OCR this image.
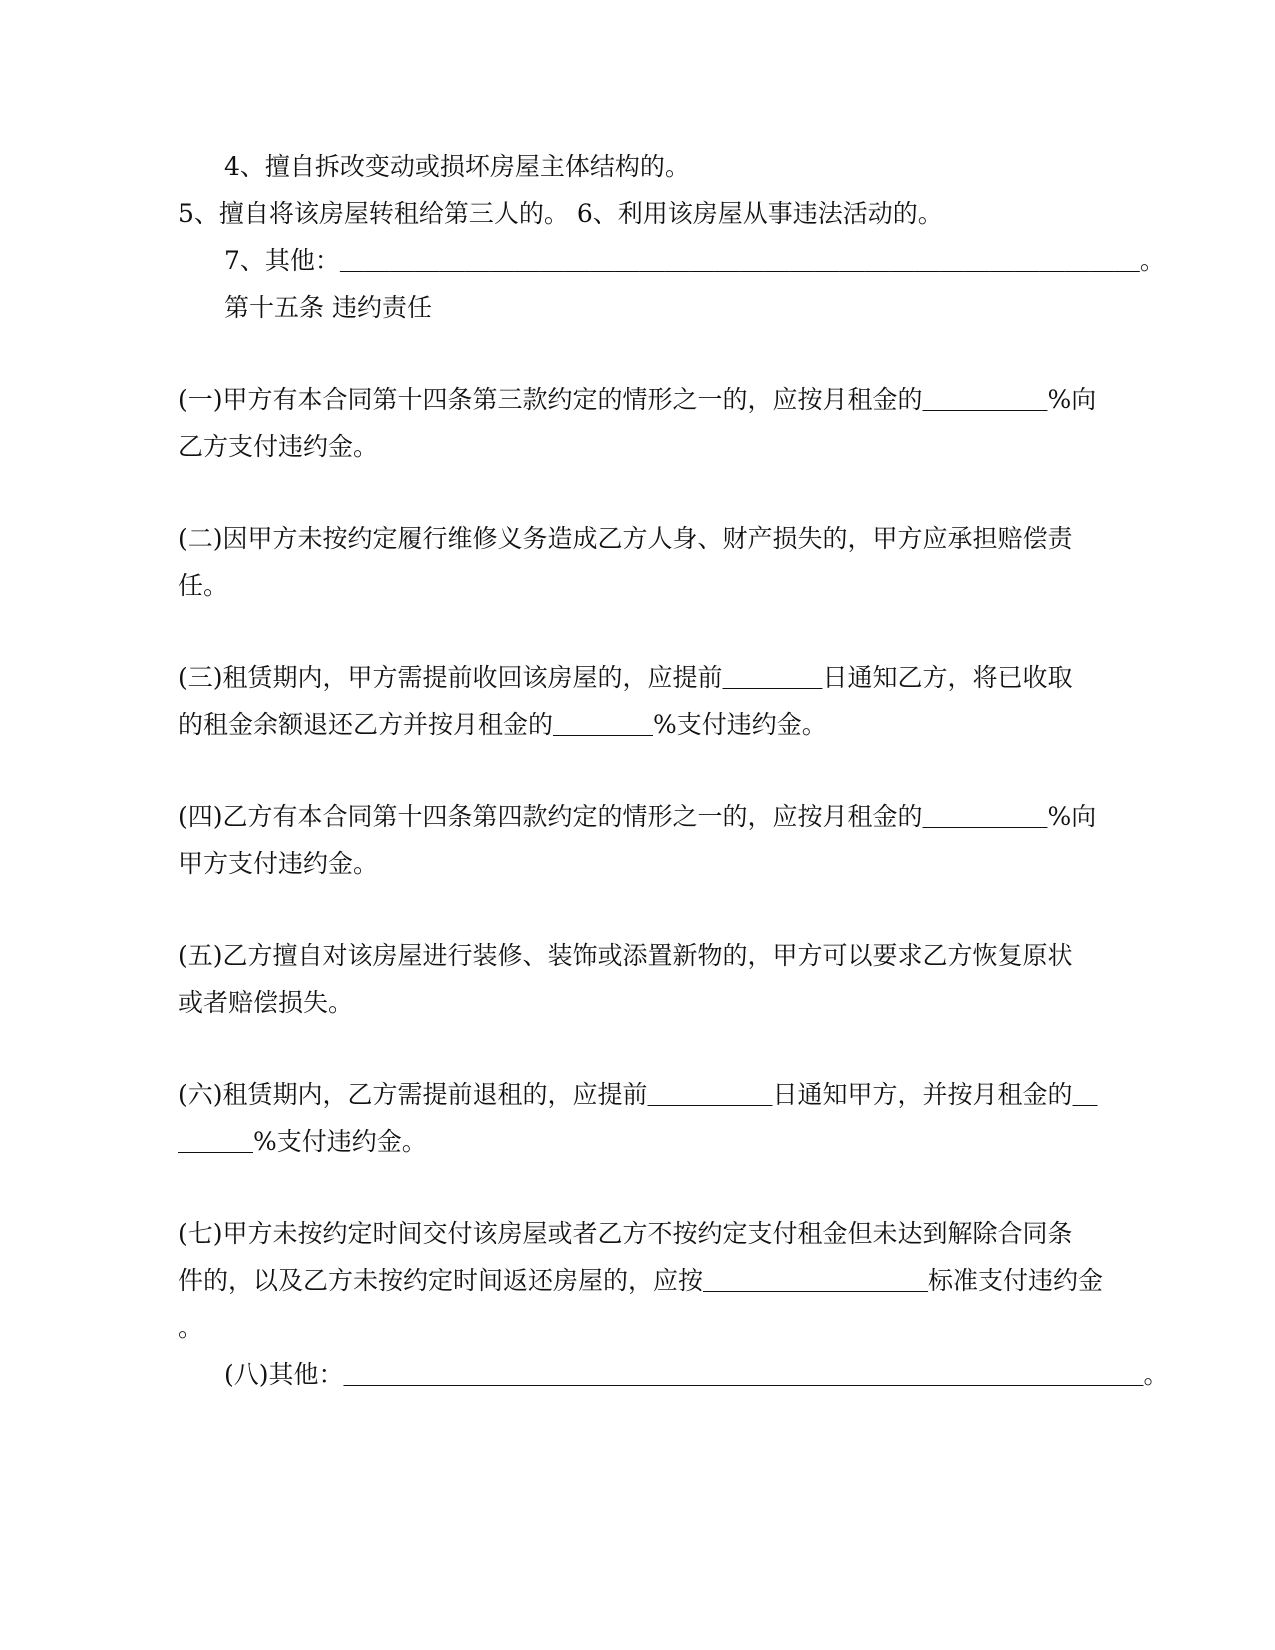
4、擅自拆改变动或损坏房屋主体结构的。

5、擅自将该房屋转租给第三人的。 6、利用该房屋从事违法活动的。

7、其他：＿＿＿＿＿＿＿＿＿＿＿＿＿＿＿＿＿＿＿＿＿＿＿＿＿＿＿＿＿＿＿＿。

第十五条 违约责任

(一)甲方有本合同第十四条第三款约定的情形之一的，应按月租金的＿＿＿＿＿%向

乙方支付违约金。

(二)因甲方未按约定履行维修义务造成乙方人身、财产损失的，甲方应承担赔偿责

任。

(三)租赁期内，甲方需提前收回该房屋的，应提前＿＿＿＿日通知乙方，将已收取

的租金余额退还乙方并按月租金的＿＿＿＿%支付违约金。

(四)乙方有本合同第十四条第四款约定的情形之一的，应按月租金的＿＿＿＿＿%向

甲方支付违约金。

(五)乙方擅自对该房屋进行装修、装饰或添置新物的，甲方可以要求乙方恢复原状

或者赔偿损失。

(六)租赁期内，乙方需提前退租的，应提前＿＿＿＿＿日通知甲方，并按月租金的＿

＿＿＿%支付违约金。

(七)甲方未按约定时间交付该房屋或者乙方不按约定支付租金但未达到解除合同条

件的，以及乙方未按约定时间返还房屋的，应按＿＿＿＿＿＿＿＿＿标准支付违约金

。

(八)其他：＿＿＿＿＿＿＿＿＿＿＿＿＿＿＿＿＿＿＿＿＿＿＿＿＿＿＿＿＿＿＿＿。
